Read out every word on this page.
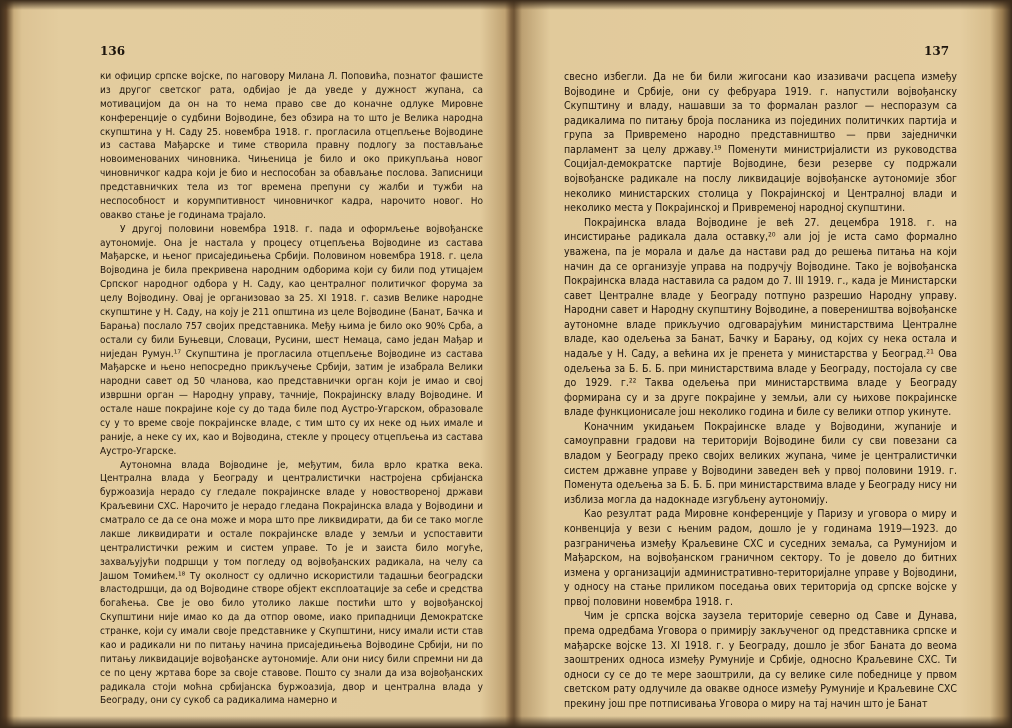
136

ки официр српске војске, по наговору Милана Л. Поповића, познатог фашисте из другог светског рата, одбијао је да уведе у дужност жупана, са мотивацијом да он на то нема право све до коначне одлуке Мировне конференције о судбини Војводине, без обзира на то што је Велика народна скупштина у Н. Саду 25. новембра 1918. г. прогласила отцепљење Војводине из састава Мађарске и тиме створила правну подлогу за постављање новоименованих чиновника. Чињеница је било и око прикупљања новог чиновничког кадра који је био и неспособан за обављање послова. Записници представничких тела из тог времена препуни су жалби и тужби на неспособност и корумпитивност чиновничког кадра, нарочито новог. Но овакво стање је годинама трајало.

У другој половини новембра 1918. г. пада и оформљење војвођанске аутономије. Она је настала у процесу отцепљења Војводине из састава Мађарске, и њеног присаједињења Србији. Половином новембра 1918. г. цела Војводина је била прекривена народним одборима који су били под утицајем Српског народног одбора у Н. Саду, као централног политичког форума за целу Војводину. Овај је организовао за 25. XI 1918. г. сазив Велике народне скупштине у Н. Саду, на коју је 211 општина из целе Војводине (Банат, Бачка и Барања) послало 757 својих представника. Међу њима је било око 90% Срба, а остали су били Буњевци, Словаци, Русини, шест Немаца, само један Мађар и ниједан Румун.¹⁷ Скупштина је прогласила отцепљење Војводине из састава Мађарске и њено непосредно прикључење Србији, затим је изабрала Велики народни савет од 50 чланова, као представнички орган који је имао и свој извршни орган — Народну управу, тачније, Покрајинску владу Војводине. И остале наше покрајине које су до тада биле под Аустро-Угарском, образовале су у то време своје покрајинске владе, с тим што су их неке од њих имале и раније, а неке су их, као и Војводина, стекле у процесу отцепљења из састава Аустро-Угарске.

Аутономна влада Војводине је, међутим, била врло кратка века. Централна влада у Београду и централистички настројена србијанска буржоазија нерадо су гледале покрајинске владе у новоствореној држави Краљевини СХС. Нарочито је нерадо гледана Покрајинска влада у Војводини и сматрало се да се она може и мора што пре ликвидирати, да би се тако могле лакше ликвидирати и остале покрајинске владе у земљи и успоставити централистички режим и систем управе. То је и заиста било могуће, захваљујући подршци у том погледу од војвођанских радикала, на челу са Јашом Томићем.¹⁸ Ту околност су одлично искористили тадашњи београдски властодршци, да од Војводине створе објект експлоатације за себе и средства богаћења. Све је ово било утолико лакше постићи што у војвођанској Скупштини није имао ко да да отпор овоме, иако припадници Демократске странке, који су имали своје представнике у Скупштини, нису имали исти став као и радикали ни по питању начина присаједињења Војводине Србији, ни по питању ликвидације војвођанске аутономије. Али они нису били спремни ни да се по цену жртава боре за своје ставове. Пошто су знали да иза војвођанских радикала стоји моћна србијанска буржоазија, двор и централна влада у Београду, они су сукоб са радикалима намерно и

137

свесно избегли. Да не би били жигосани као изазивачи расцепа између Војводине и Србије, они су фебруара 1919. г. напустили војвођанску Скупштину и владу, нашавши за то формалан разлог — неспоразум са радикалима по питању броја посланика из појединих политичких партија и група за Привремено народно представништво — први заједнички парламент за целу државу.¹⁹ Поменути министријалисти из руководства Социјал-демократске партије Војводине, бези резерве су подржали војвођанске радикале на послу ликвидације војвођанске аутономије због неколико министарских столица у Покрајинској и Централној влади и неколико места у Покрајинској и Привременој народној скупштини.

Покрајинска влада Војводине је већ 27. децембра 1918. г. на инсистирање радикала дала оставку,²⁰ али јој је иста само формално уважена, па је морала и даље да настави рад до решења питања на који начин да се организује управа на подручју Војводине. Тако је војвођанска Покрајинска влада наставила са радом до 7. III 1919. г., када је Министарски савет Централне владе у Београду потпуно разрешио Народну управу. Народни савет и Народну скупштину Војводине, а повереништва војвођанске аутономне владе прикључио одговарајућим министарствима Централне владе, као одељења за Банат, Бачку и Барању, од којих су нека остала и надаље у Н. Саду, а већина их је пренета у министарства у Београд.²¹ Ова одељења за Б. Б. Б. при министарствима владе у Београду, постојала су све до 1929. г.²² Таква одељења при министарствима владе у Београду формирана су и за друге покрајине у земљи, али су њихове покрајинске владе функционисале још неколико година и биле су велики отпор укинуте.

Коначним укидањем Покрајинске владе у Војводини, жупаније и самоуправни градови на територији Војводине били су сви повезани са владом у Београду преко својих великих жупана, чиме је централистички систем државне управе у Војводини заведен већ у првој половини 1919. г. Поменута одељења за Б. Б. Б. при министарствима владе у Београду нису ни изблиза могла да надокнаде изгубљену аутономију.

Као резултат рада Мировне конференције у Паризу и уговора о миру и конвенција у вези с њеним радом, дошло је у годинама 1919—1923. до разграничења између Краљевине СХС и суседних земаља, са Румунијом и Мађарском, на војвођанском граничном сектору. То је довело до битних измена у организацији административно-територијалне управе у Војводини, у односу на стање приликом поседања ових територија од српске војске у првој половини новембра 1918. г.

Чим је српска војска заузела територије северно од Саве и Дунава, према одредбама Уговора о примирју закљученог од представника српске и мађарске војске 13. XI 1918. г. у Београду, дошло је због Баната до веома заоштрених односа између Румуније и Србије, односно Краљевине СХС. Ти односи су се до те мере заоштрили, да су велике силе победнице у првом светском рату одлучиле да овакве односе између Румуније и Краљевине СХС прекину још пре потписивања Уговора о миру на тај начин што је Банат
